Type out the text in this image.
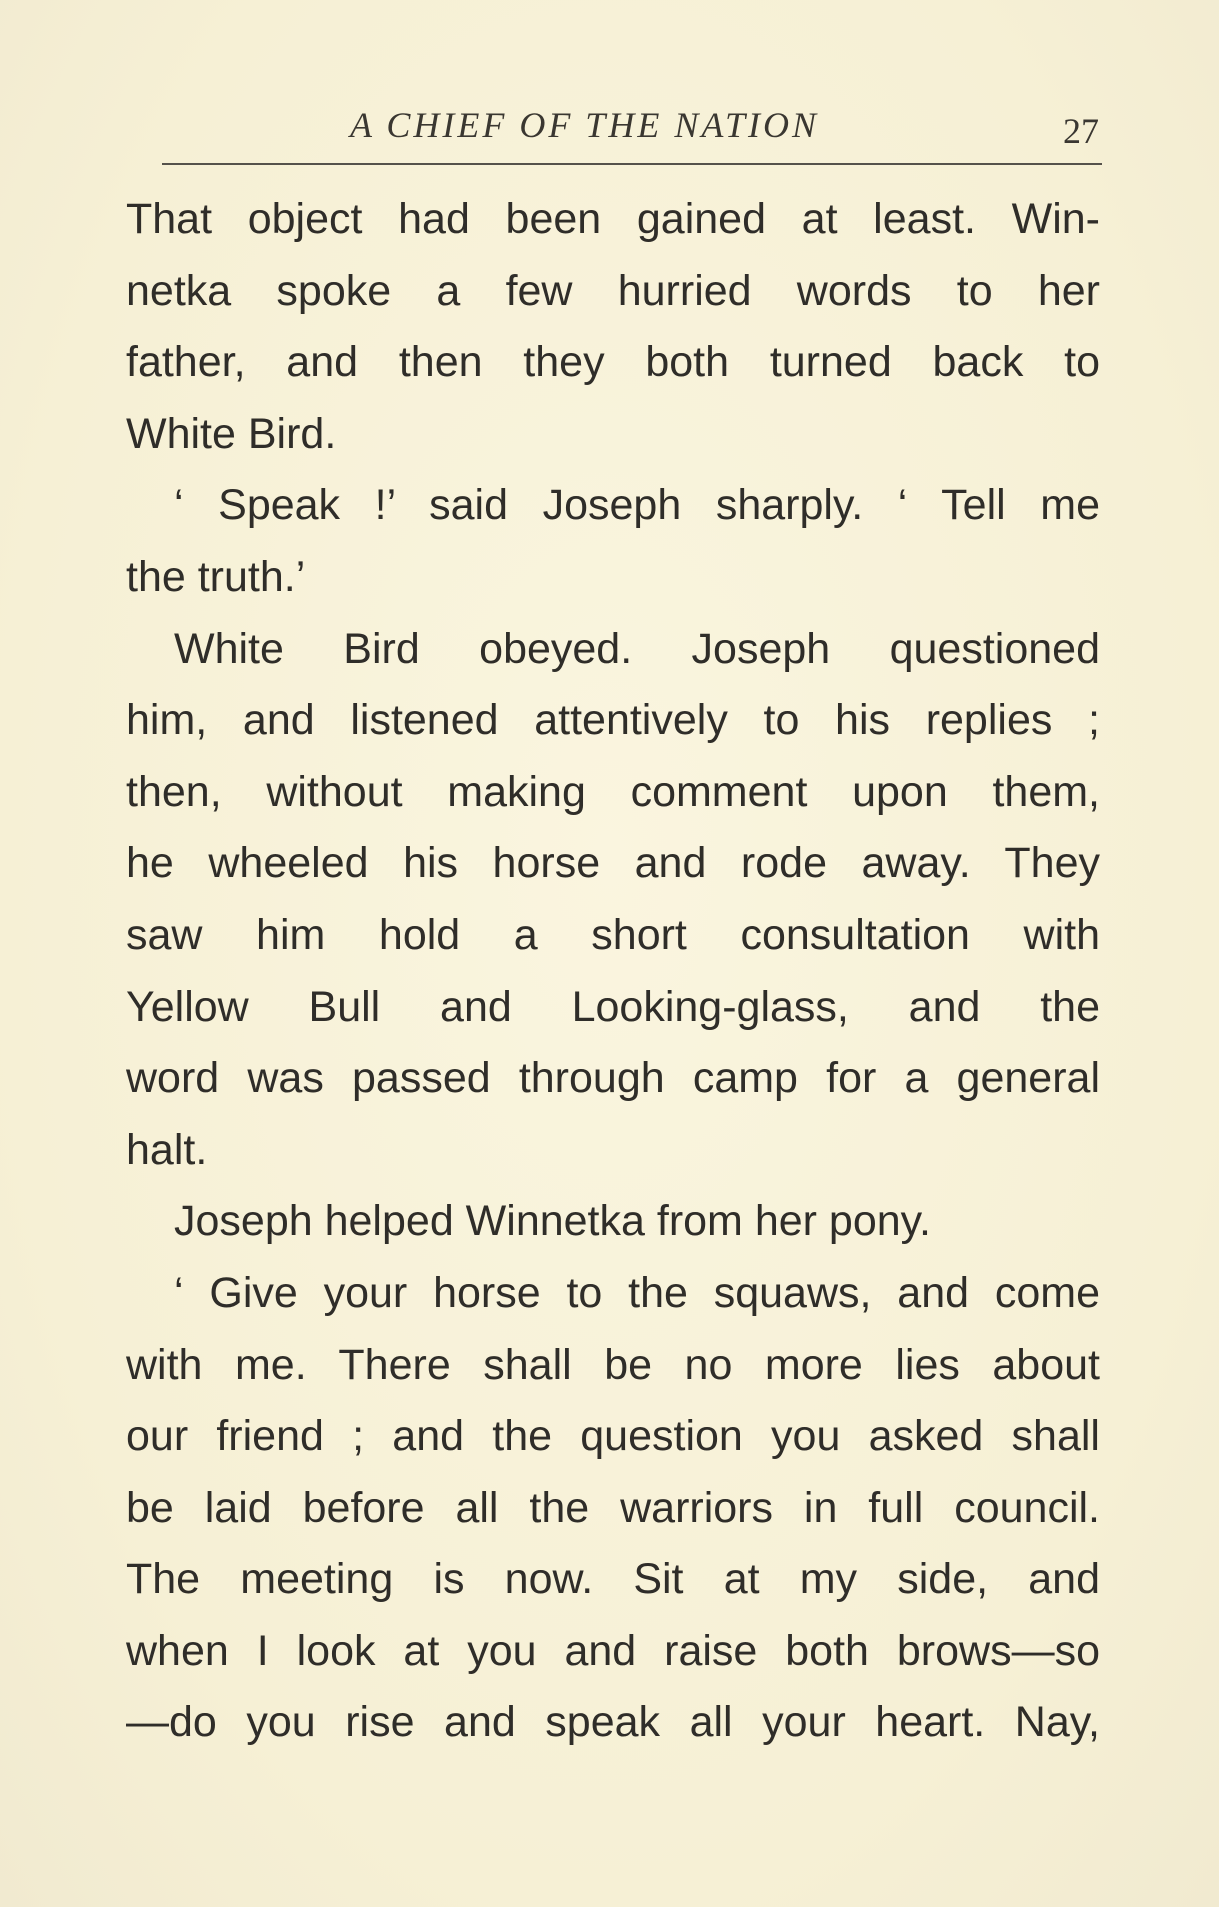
A CHIEF OF THE NATION	27
That object had been gained at least. Win-
netka spoke a few hurried words to her
father, and then they both turned back to
White Bird.
‘ Speak !’ said Joseph sharply. ‘ Tell me
the truth.’
White Bird obeyed. Joseph questioned
him, and listened attentively to his replies ;
then, without making comment upon them,
he wheeled his horse and rode away. They
saw him hold a short consultation with
Yellow Bull and Looking-glass, and the
word was passed through camp for a general
halt.
Joseph helped Winnetka from her pony.
‘ Give your horse to the squaws, and come
with me. There shall be no more lies about
our friend ; and the question you asked shall
be laid before all the warriors in full council.
The meeting is now. Sit at my side, and
when I look at you and raise both brows—so
—do you rise and speak all your heart. Nay,
